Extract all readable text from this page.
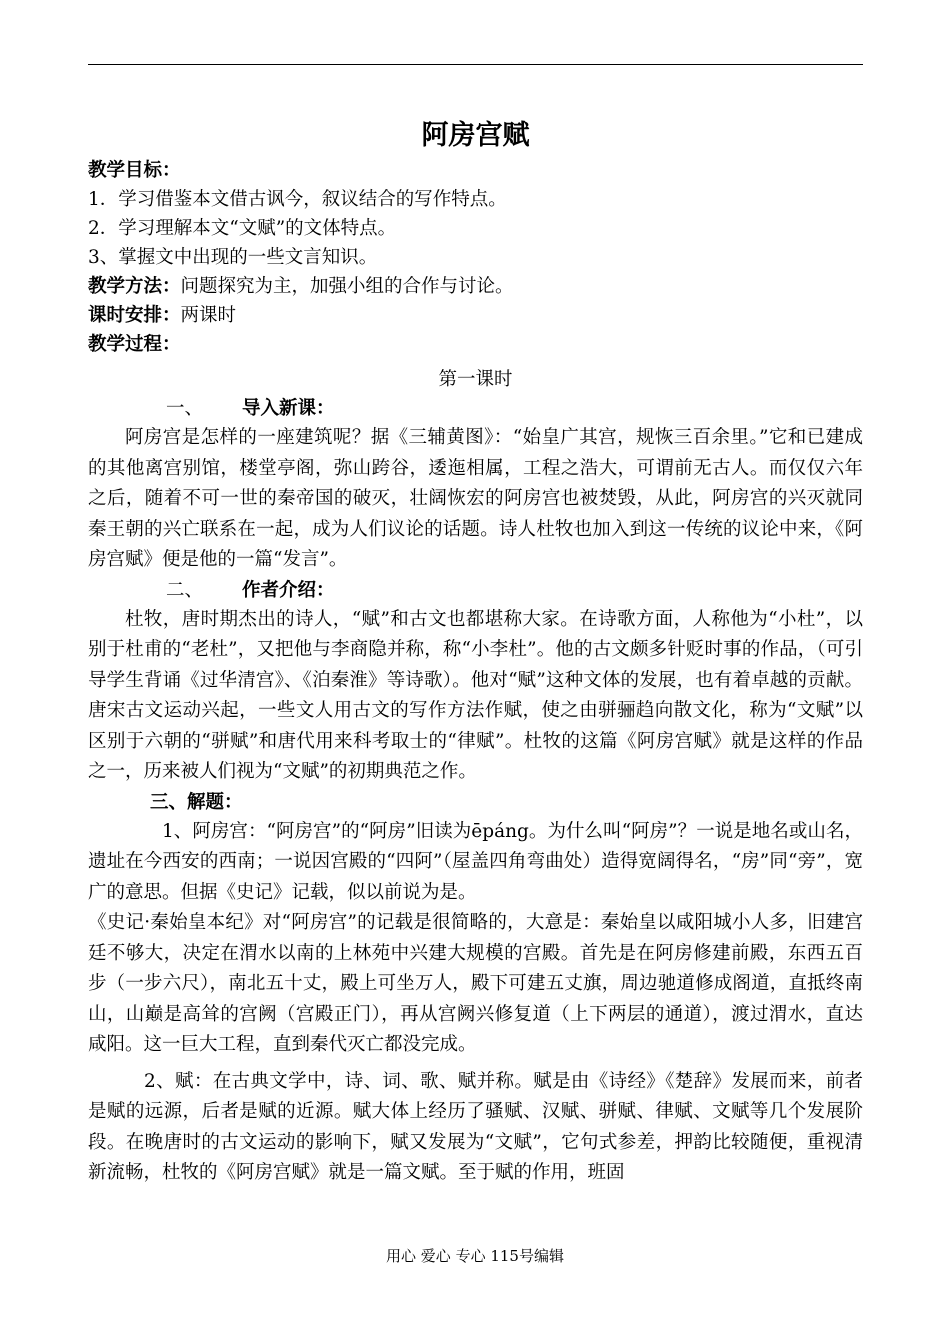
阿房宫赋

教学目标：

1．学习借鉴本文借古讽今，叙议结合的写作特点。

2．学习理解本文“文赋”的文体特点。

3、掌握文中出现的一些文言知识。

教学方法：问题探究为主，加强小组的合作与讨论。

课时安排：两课时

教学过程：

第一课时

一、 导入新课：

阿房宫是怎样的一座建筑呢？据《三辅黄图》：“始皇广其宫，规恢三百余里。”它和已建成的其他离宫别馆，楼堂亭阁，弥山跨谷，逶迤相属，工程之浩大，可谓前无古人。而仅仅六年之后，随着不可一世的秦帝国的破灭，壮阔恢宏的阿房宫也被焚毁，从此，阿房宫的兴灭就同秦王朝的兴亡联系在一起，成为人们议论的话题。诗人杜牧也加入到这一传统的议论中来，《阿房宫赋》便是他的一篇“发言”。

二、 作者介绍：

杜牧，唐时期杰出的诗人，“赋”和古文也都堪称大家。在诗歌方面，人称他为“小杜”，以别于杜甫的“老杜”，又把他与李商隐并称，称“小李杜”。他的古文颇多针贬时事的作品，（可引导学生背诵《过华清宫》、《泊秦淮》等诗歌）。他对“赋”这种文体的发展，也有着卓越的贡献。唐宋古文运动兴起，一些文人用古文的写作方法作赋，使之由骈骊趋向散文化，称为“文赋”以区别于六朝的“骈赋”和唐代用来科考取士的“律赋”。杜牧的这篇《阿房宫赋》就是这样的作品之一，历来被人们视为“文赋”的初期典范之作。

三、解题：

1、阿房宫：“阿房宫”的“阿房”旧读为ēpáng。为什么叫“阿房”？一说是地名或山名，遗址在今西安的西南；一说因宫殿的“四阿”（屋盖四角弯曲处）造得宽阔得名，“房”同“旁”，宽广的意思。但据《史记》记载，似以前说为是。

《史记·秦始皇本纪》对“阿房宫”的记载是很简略的，大意是：秦始皇以咸阳城小人多，旧建宫廷不够大，决定在渭水以南的上林苑中兴建大规模的宫殿。首先是在阿房修建前殿，东西五百步（一步六尺），南北五十丈，殿上可坐万人，殿下可建五丈旗，周边驰道修成阁道，直抵终南山，山巅是高耸的宫阙（宫殿正门），再从宫阙兴修复道（上下两层的通道），渡过渭水，直达咸阳。这一巨大工程，直到秦代灭亡都没完成。

2、赋：在古典文学中，诗、词、歌、赋并称。赋是由《诗经》《楚辞》发展而来，前者是赋的远源，后者是赋的近源。赋大体上经历了骚赋、汉赋、骈赋、律赋、文赋等几个发展阶段。在晚唐时的古文运动的影响下，赋又发展为“文赋”，它句式参差，押韵比较随便，重视清新流畅，杜牧的《阿房宫赋》就是一篇文赋。至于赋的作用，班固

用心 爱心 专心 115号编辑
